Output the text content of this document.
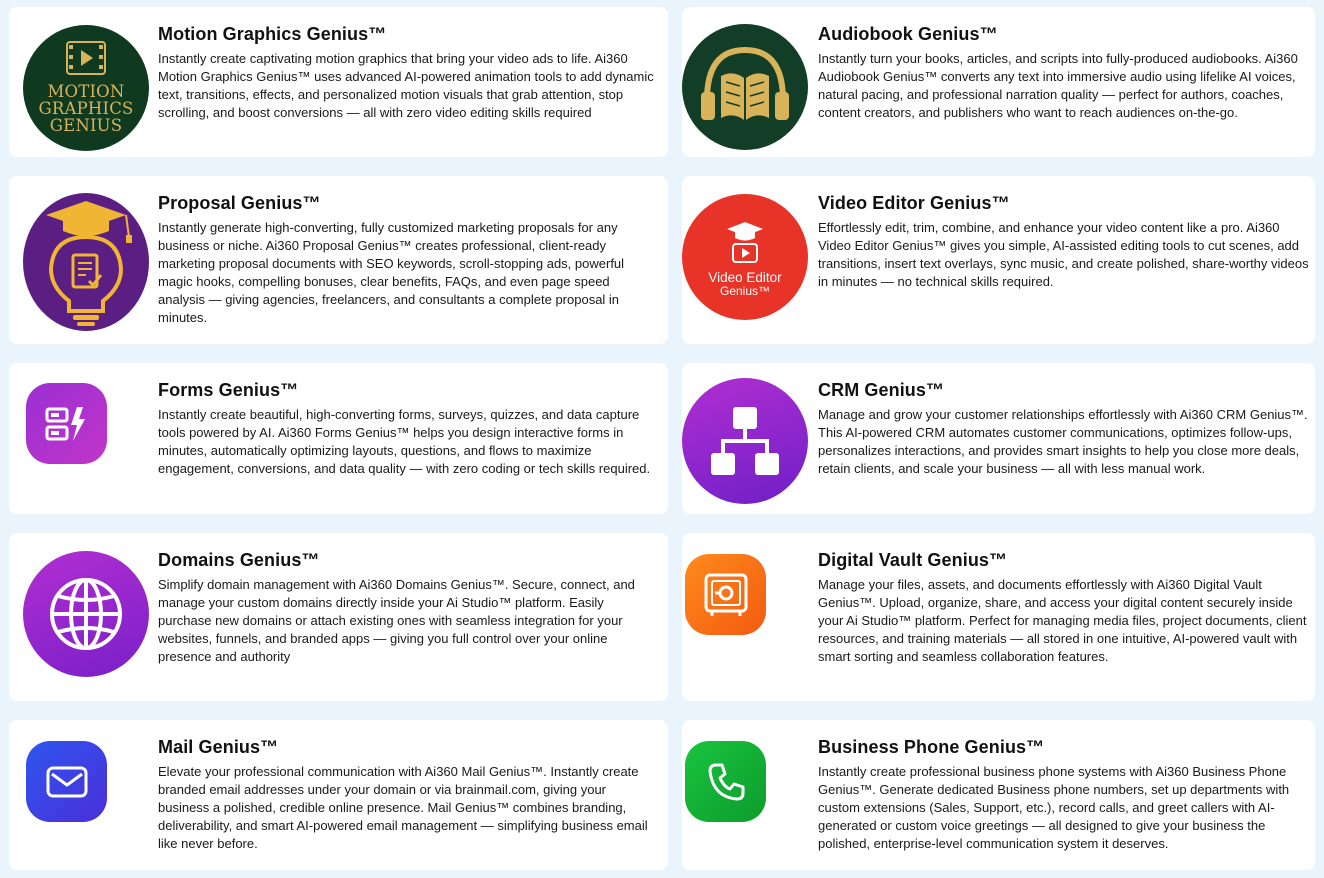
MOTION
GRAPHICS
GENIUS
Motion Graphics Genius™

Instantly create captivating motion graphics that bring your video ads to life. Ai360 Motion Graphics Genius™ uses advanced AI-powered animation tools to add dynamic text, transitions, effects, and personalized motion visuals that grab attention, stop scrolling, and boost conversions — all with zero video editing skills required

Audiobook Genius™

Instantly turn your books, articles, and scripts into fully-produced audiobooks. Ai360 Audiobook Genius™ converts any text into immersive audio using lifelike AI voices, natural pacing, and professional narration quality — perfect for authors, coaches, content creators, and publishers who want to reach audiences on-the-go.

Proposal Genius™

Instantly generate high-converting, fully customized marketing proposals for any business or niche. Ai360 Proposal Genius™ creates professional, client-ready marketing proposal documents with SEO keywords, scroll-stopping ads, powerful magic hooks, compelling bonuses, clear benefits, FAQs, and even page speed analysis — giving agencies, freelancers, and consultants a complete proposal in minutes.

Video Editor
Genius™
Video Editor Genius™

Effortlessly edit, trim, combine, and enhance your video content like a pro. Ai360 Video Editor Genius™ gives you simple, AI-assisted editing tools to cut scenes, add transitions, insert text overlays, sync music, and create polished, share-worthy videos in minutes — no technical skills required.

Forms Genius™

Instantly create beautiful, high-converting forms, surveys, quizzes, and data capture tools powered by AI. Ai360 Forms Genius™ helps you design interactive forms in minutes, automatically optimizing layouts, questions, and flows to maximize engagement, conversions, and data quality — with zero coding or tech skills required.

CRM Genius™

Manage and grow your customer relationships effortlessly with Ai360 CRM Genius™. This AI-powered CRM automates customer communications, optimizes follow-ups, personalizes interactions, and provides smart insights to help you close more deals, retain clients, and scale your business — all with less manual work.

Domains Genius™

Simplify domain management with Ai360 Domains Genius™. Secure, connect, and manage your custom domains directly inside your Ai Studio™ platform. Easily purchase new domains or attach existing ones with seamless integration for your websites, funnels, and branded apps — giving you full control over your online presence and authority

Digital Vault Genius™

Manage your files, assets, and documents effortlessly with Ai360 Digital Vault Genius™. Upload, organize, share, and access your digital content securely inside your Ai Studio™ platform. Perfect for managing media files, project documents, client resources, and training materials — all stored in one intuitive, AI-powered vault with smart sorting and seamless collaboration features.

Mail Genius™

Elevate your professional communication with Ai360 Mail Genius™. Instantly create branded email addresses under your domain or via brainmail.com, giving your business a polished, credible online presence. Mail Genius™ combines branding, deliverability, and smart AI-powered email management — simplifying business email like never before.

Business Phone Genius™

Instantly create professional business phone systems with Ai360 Business Phone Genius™. Generate dedicated Business phone numbers, set up departments with custom extensions (Sales, Support, etc.), record calls, and greet callers with AI-generated or custom voice greetings — all designed to give your business the polished, enterprise-level communication system it deserves.
